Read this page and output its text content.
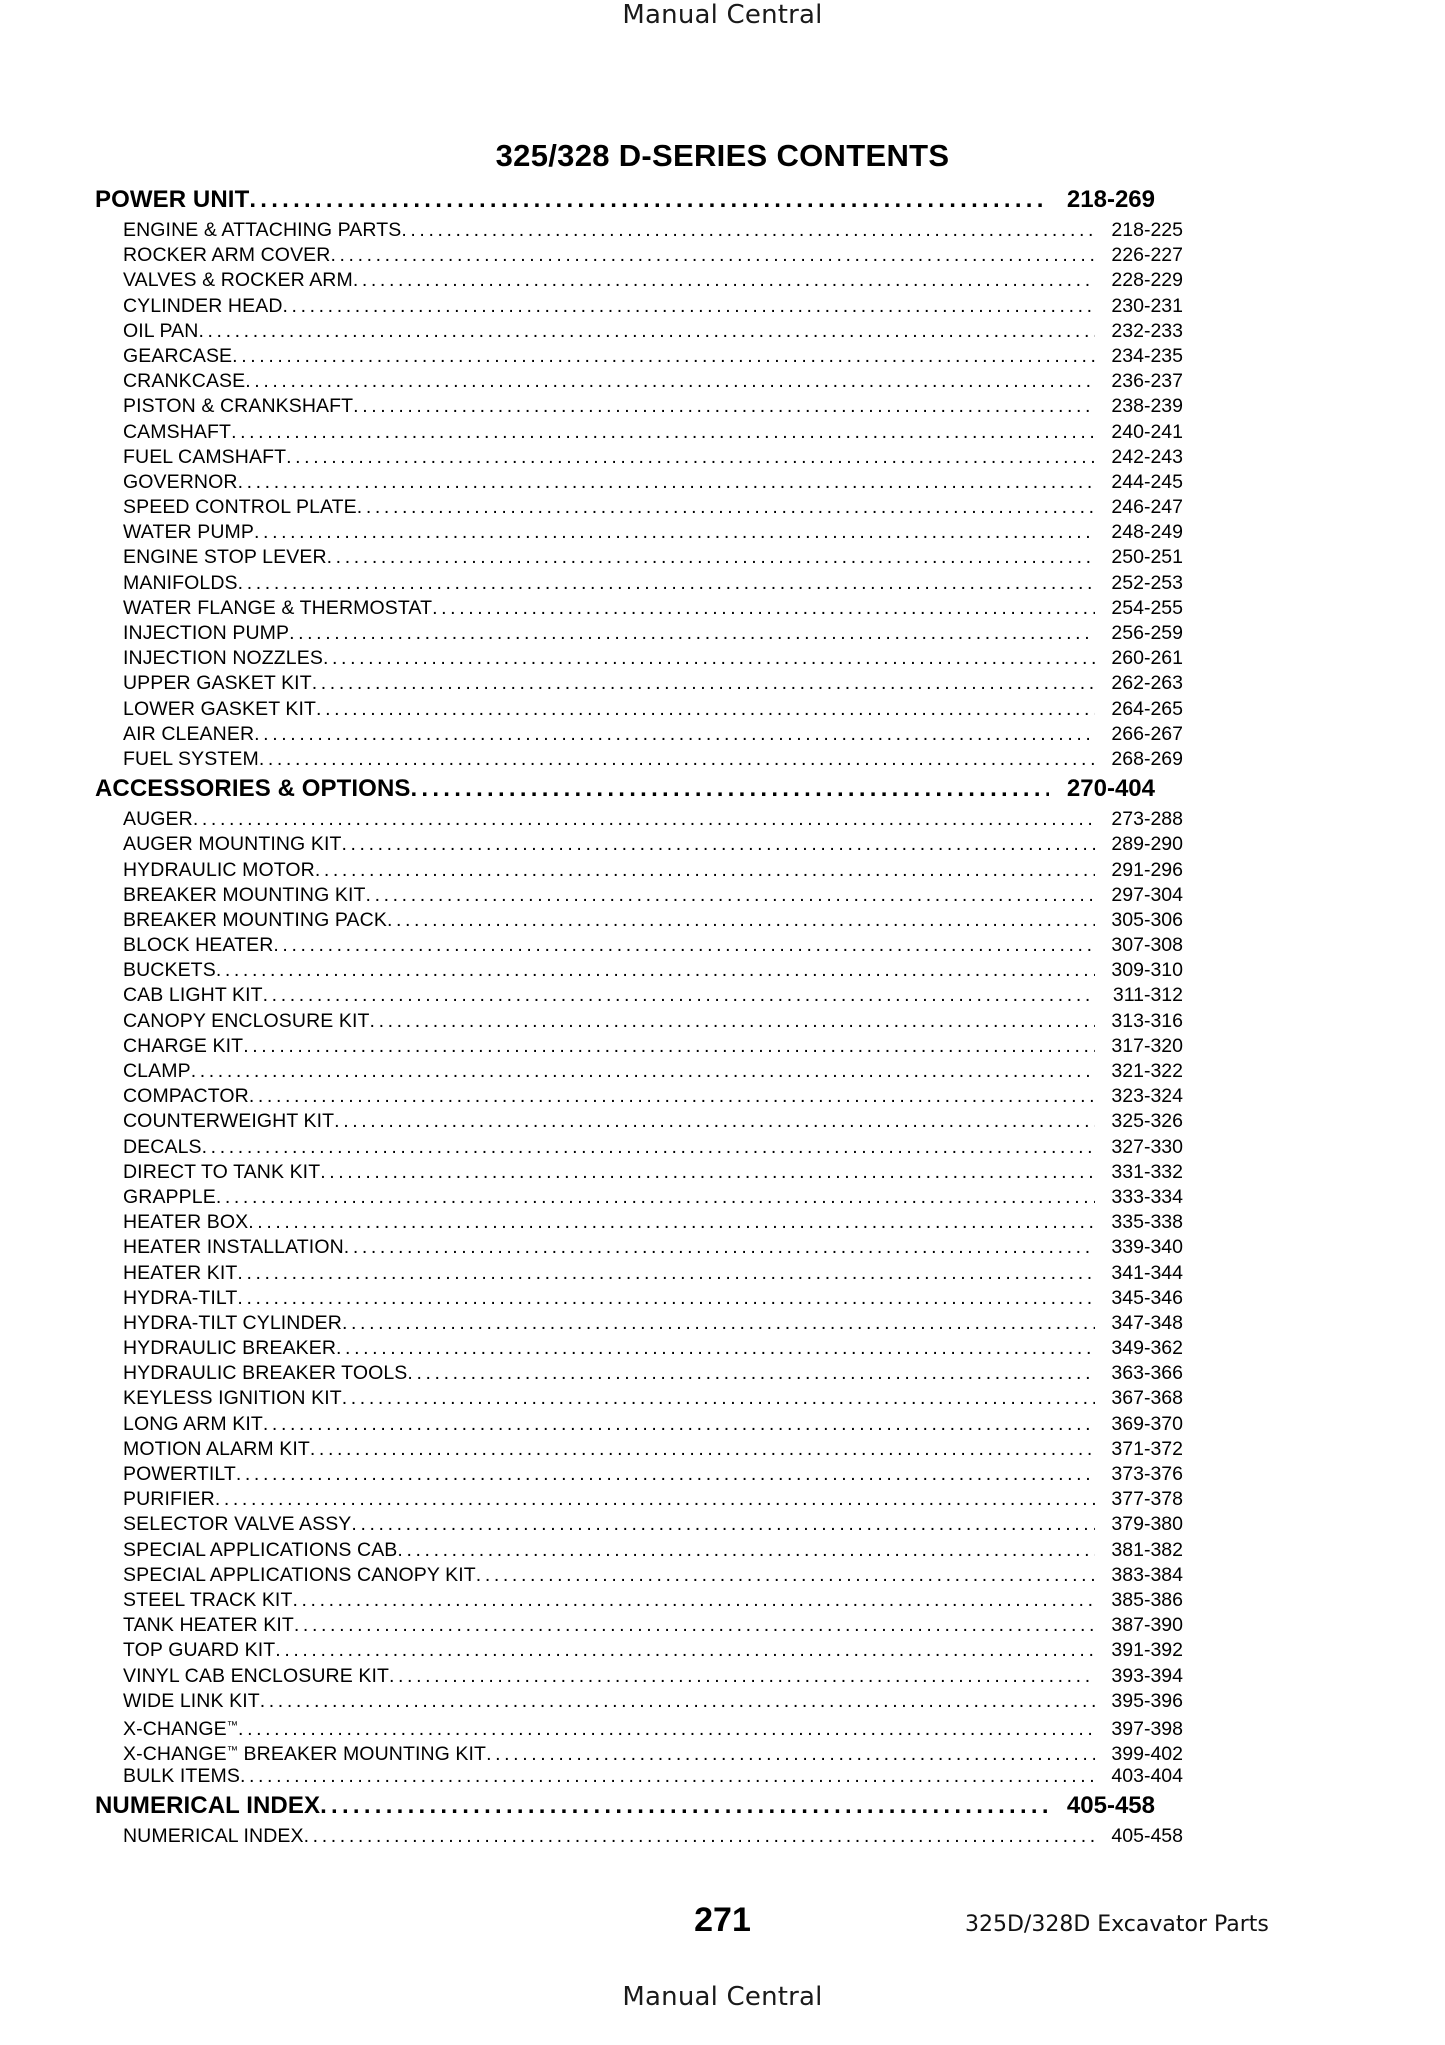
Manual Central
325/328 D-SERIES CONTENTS
POWER UNIT . . .	218-269
ENGINE & ATTACHING PARTS . . .	218-225
ROCKER ARM COVER . . .	226-227
VALVES & ROCKER ARM . . .	228-229
CYLINDER HEAD . . .	230-231
OIL PAN . . .	232-233
GEARCASE . . .	234-235
CRANKCASE . . .	236-237
PISTON & CRANKSHAFT . . .	238-239
CAMSHAFT . . .	240-241
FUEL CAMSHAFT . . .	242-243
GOVERNOR . . .	244-245
SPEED CONTROL PLATE . . .	246-247
WATER PUMP . . .	248-249
ENGINE STOP LEVER . . .	250-251
MANIFOLDS . . .	252-253
WATER FLANGE & THERMOSTAT . . .	254-255
INJECTION PUMP . . .	256-259
INJECTION NOZZLES . . .	260-261
UPPER GASKET KIT . . .	262-263
LOWER GASKET KIT . . .	264-265
AIR CLEANER . . .	266-267
FUEL SYSTEM . . .	268-269
ACCESSORIES & OPTIONS . . .	270-404
AUGER . . .	273-288
AUGER MOUNTING KIT . . .	289-290
HYDRAULIC MOTOR . . .	291-296
BREAKER MOUNTING KIT . . .	297-304
BREAKER MOUNTING PACK . . .	305-306
BLOCK HEATER . . .	307-308
BUCKETS . . .	309-310
CAB LIGHT KIT . . .	311-312
CANOPY ENCLOSURE KIT . . .	313-316
CHARGE KIT . . .	317-320
CLAMP . . .	321-322
COMPACTOR . . .	323-324
COUNTERWEIGHT KIT . . .	325-326
DECALS . . .	327-330
DIRECT TO TANK KIT . . .	331-332
GRAPPLE . . .	333-334
HEATER BOX . . .	335-338
HEATER INSTALLATION . . .	339-340
HEATER KIT . . .	341-344
HYDRA-TILT . . .	345-346
HYDRA-TILT CYLINDER . . .	347-348
HYDRAULIC BREAKER . . .	349-362
HYDRAULIC BREAKER TOOLS . . .	363-366
KEYLESS IGNITION KIT . . .	367-368
LONG ARM KIT . . .	369-370
MOTION ALARM KIT . . .	371-372
POWERTILT . . .	373-376
PURIFIER . . .	377-378
SELECTOR VALVE ASSY . . .	379-380
SPECIAL APPLICATIONS CAB . . .	381-382
SPECIAL APPLICATIONS CANOPY KIT . . .	383-384
STEEL TRACK KIT . . .	385-386
TANK HEATER KIT . . .	387-390
TOP GUARD KIT . . .	391-392
VINYL CAB ENCLOSURE KIT . . .	393-394
WIDE LINK KIT . . .	395-396
X-CHANGE™ . . .	397-398
X-CHANGE™ BREAKER MOUNTING KIT . . .	399-402
BULK ITEMS . . .	403-404
NUMERICAL INDEX . . .	405-458
NUMERICAL INDEX . . .	405-458
271	325D/328D Excavator Parts
Manual Central
